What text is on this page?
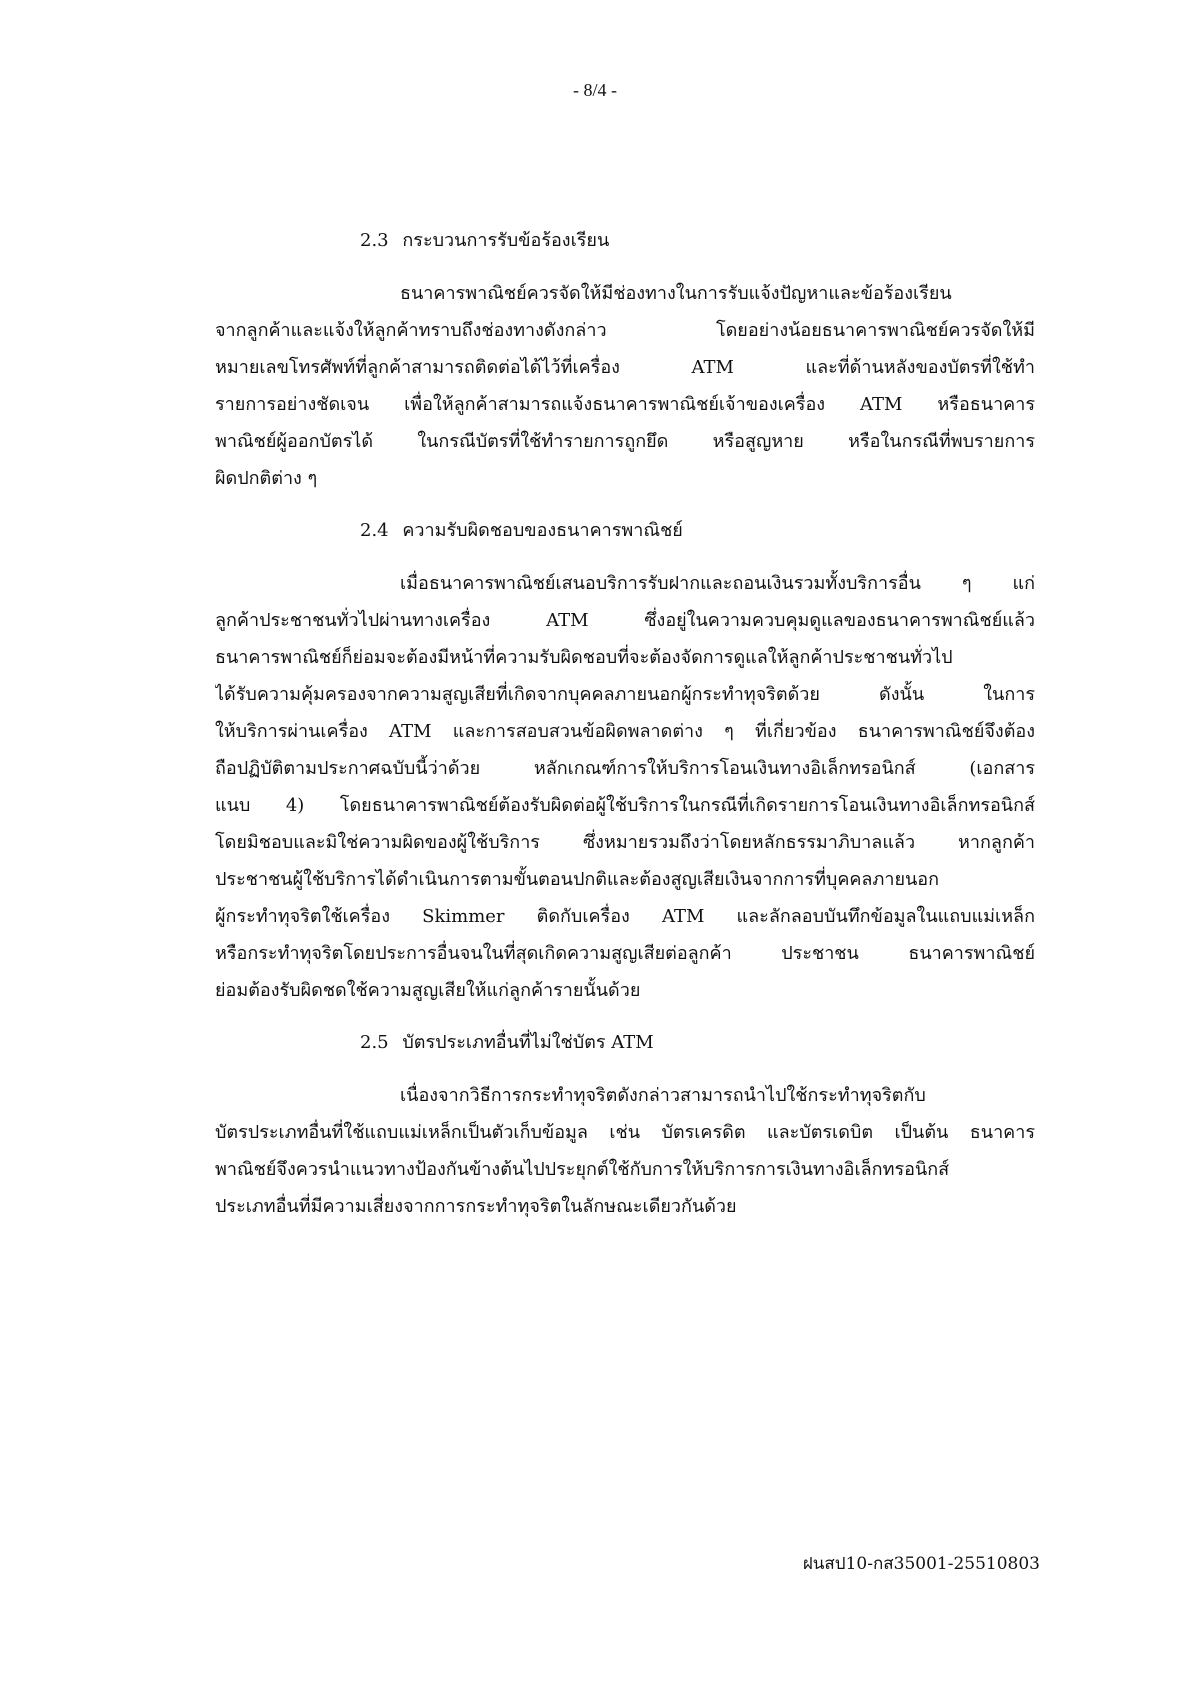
- 8/4 -
2.3 กระบวนการรับข้อร้องเรียน
ธนาคารพาณิชย์ควรจัดให้มีช่องทางในการรับแจ้งปัญหาและข้อร้องเรียน
จากลูกค้าและแจ้งให้ลูกค้าทราบถึงช่องทางดังกล่าว โดยอย่างน้อยธนาคารพาณิชย์ควรจัดให้มี
หมายเลขโทรศัพท์ที่ลูกค้าสามารถติดต่อได้ไว้ที่เครื่อง ATM และที่ด้านหลังของบัตรที่ใช้ทำ
รายการอย่างชัดเจน เพื่อให้ลูกค้าสามารถแจ้งธนาคารพาณิชย์เจ้าของเครื่อง ATM หรือธนาคาร
พาณิชย์ผู้ออกบัตรได้ ในกรณีบัตรที่ใช้ทำรายการถูกยึด หรือสูญหาย หรือในกรณีที่พบรายการ
ผิดปกติต่าง ๆ
2.4 ความรับผิดชอบของธนาคารพาณิชย์
เมื่อธนาคารพาณิชย์เสนอบริการรับฝากและถอนเงินรวมทั้งบริการอื่น ๆ แก่
ลูกค้าประชาชนทั่วไปผ่านทางเครื่อง ATM ซึ่งอยู่ในความควบคุมดูแลของธนาคารพาณิชย์แล้ว
ธนาคารพาณิชย์ก็ย่อมจะต้องมีหน้าที่ความรับผิดชอบที่จะต้องจัดการดูแลให้ลูกค้าประชาชนทั่วไป
ได้รับความคุ้มครองจากความสูญเสียที่เกิดจากบุคคลภายนอกผู้กระทำทุจริตด้วย ดังนั้น ในการ
ให้บริการผ่านเครื่อง ATM และการสอบสวนข้อผิดพลาดต่าง ๆ ที่เกี่ยวข้อง ธนาคารพาณิชย์จึงต้อง
ถือปฏิบัติตามประกาศฉบับนี้ว่าด้วย หลักเกณฑ์การให้บริการโอนเงินทางอิเล็กทรอนิกส์ (เอกสาร
แนบ 4) โดยธนาคารพาณิชย์ต้องรับผิดต่อผู้ใช้บริการในกรณีที่เกิดรายการโอนเงินทางอิเล็กทรอนิกส์
โดยมิชอบและมิใช่ความผิดของผู้ใช้บริการ ซึ่งหมายรวมถึงว่าโดยหลักธรรมาภิบาลแล้ว หากลูกค้า
ประชาชนผู้ใช้บริการได้ดำเนินการตามขั้นตอนปกติและต้องสูญเสียเงินจากการที่บุคคลภายนอก
ผู้กระทำทุจริตใช้เครื่อง Skimmer ติดกับเครื่อง ATM และลักลอบบันทึกข้อมูลในแถบแม่เหล็ก
หรือกระทำทุจริตโดยประการอื่นจนในที่สุดเกิดความสูญเสียต่อลูกค้า ประชาชน ธนาคารพาณิชย์
ย่อมต้องรับผิดชดใช้ความสูญเสียให้แก่ลูกค้ารายนั้นด้วย
2.5 บัตรประเภทอื่นที่ไม่ใช่บัตร ATM
เนื่องจากวิธีการกระทำทุจริตดังกล่าวสามารถนำไปใช้กระทำทุจริตกับ
บัตรประเภทอื่นที่ใช้แถบแม่เหล็กเป็นตัวเก็บข้อมูล เช่น บัตรเครดิต และบัตรเดบิต เป็นต้น ธนาคาร
พาณิชย์จึงควรนำแนวทางป้องกันข้างต้นไปประยุกต์ใช้กับการให้บริการการเงินทางอิเล็กทรอนิกส์
ประเภทอื่นที่มีความเสี่ยงจากการกระทำทุจริตในลักษณะเดียวกันด้วย
ฝนสป10-กส35001-25510803
